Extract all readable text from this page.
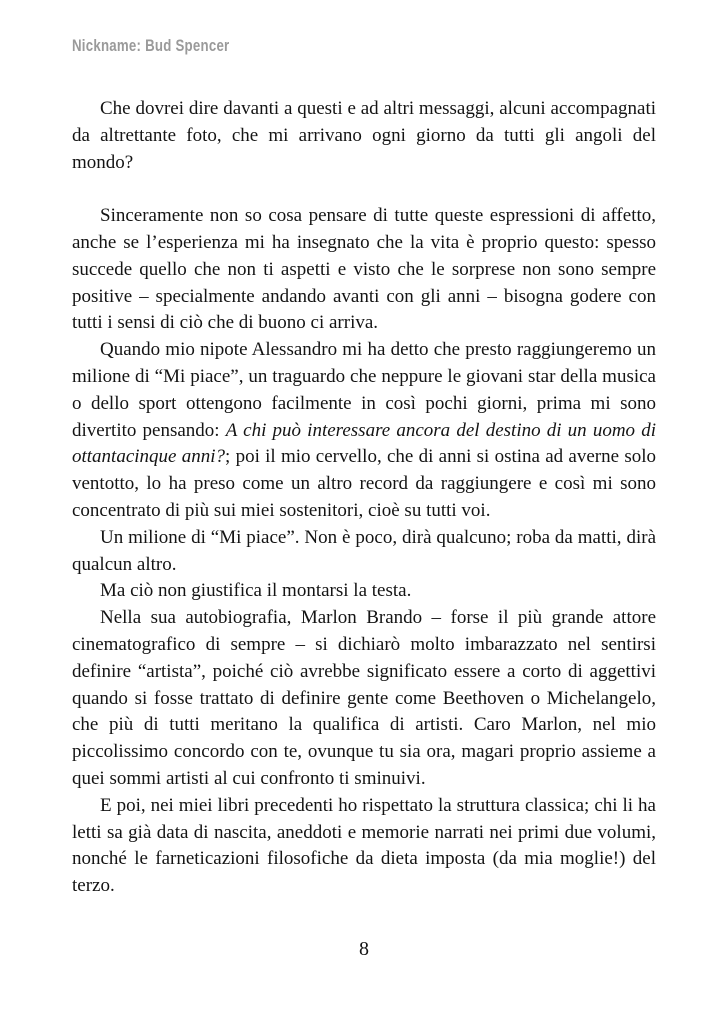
Nickname: Bud Spencer

Che dovrei dire davanti a questi e ad altri messaggi, alcuni accompagnati da altrettante foto, che mi arrivano ogni giorno da tutti gli angoli del mondo?

Sinceramente non so cosa pensare di tutte queste espressioni di affetto, anche se l’esperienza mi ha insegnato che la vita è proprio questo: spesso succede quello che non ti aspetti e visto che le sorprese non sono sempre positive – specialmente andando avanti con gli anni – bisogna godere con tutti i sensi di ciò che di buono ci arriva.

Quando mio nipote Alessandro mi ha detto che presto raggiungeremo un milione di “Mi piace”, un traguardo che neppure le giovani star della musica o dello sport ottengono facilmente in così pochi giorni, prima mi sono divertito pensando: A chi può interessare ancora del destino di un uomo di ottantacinque anni?; poi il mio cervello, che di anni si ostina ad averne solo ventotto, lo ha preso come un altro record da raggiungere e così mi sono concentrato di più sui miei sostenitori, cioè su tutti voi.

Un milione di “Mi piace”. Non è poco, dirà qualcuno; roba da matti, dirà qualcun altro.

Ma ciò non giustifica il montarsi la testa.

Nella sua autobiografia, Marlon Brando – forse il più grande attore cinematografico di sempre – si dichiarò molto imbarazzato nel sentirsi definire “artista”, poiché ciò avrebbe significato essere a corto di aggettivi quando si fosse trattato di definire gente come Beethoven o Michelangelo, che più di tutti meritano la qualifica di artisti. Caro Marlon, nel mio piccolissimo concordo con te, ovunque tu sia ora, magari proprio assieme a quei sommi artisti al cui confronto ti sminuivi.

E poi, nei miei libri precedenti ho rispettato la struttura classica; chi li ha letti sa già data di nascita, aneddoti e memorie narrati nei primi due volumi, nonché le farneticazioni filosofiche da dieta imposta (da mia moglie!) del terzo.

8
